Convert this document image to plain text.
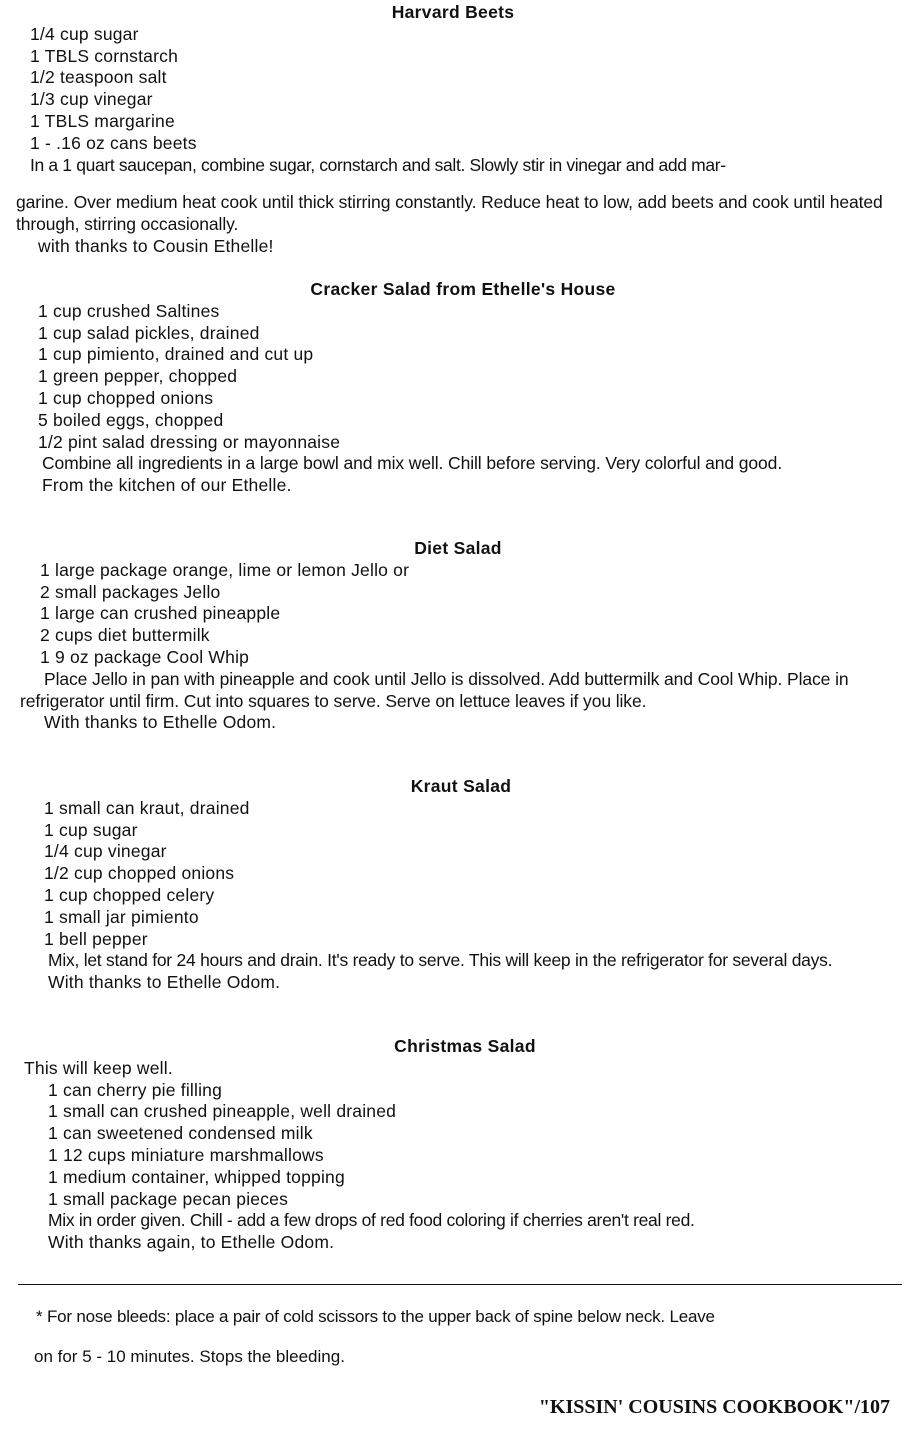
Harvard Beets
1/4 cup sugar
1 TBLS cornstarch
1/2 teaspoon salt
1/3 cup vinegar
1 TBLS margarine
1 - .16 oz cans beets
In a 1 quart saucepan, combine sugar, cornstarch and salt. Slowly stir in vinegar and add mar-
garine. Over medium heat cook until thick stirring constantly. Reduce heat to low, add beets and cook until heated through, stirring occasionally.
with thanks to Cousin Ethelle!
Cracker Salad from Ethelle's House
1 cup crushed Saltines
1 cup salad pickles, drained
1 cup pimiento, drained and cut up
1 green pepper, chopped
1 cup chopped onions
5 boiled eggs, chopped
1/2 pint salad dressing or mayonnaise
Combine all ingredients in a large bowl and mix well. Chill before serving. Very colorful and good.
From the kitchen of our Ethelle.
Diet Salad
1 large package orange, lime or lemon Jello or
2 small packages Jello
1 large can crushed pineapple
2 cups diet buttermilk
1 9 oz package Cool Whip
Place Jello in pan with pineapple and cook until Jello is dissolved. Add buttermilk and Cool Whip. Place in refrigerator until firm. Cut into squares to serve. Serve on lettuce leaves if you like.
With thanks to Ethelle Odom.
Kraut Salad
1 small can kraut, drained
1 cup sugar
1/4 cup vinegar
1/2 cup chopped onions
1 cup chopped celery
1 small jar pimiento
1 bell pepper
Mix, let stand for 24 hours and drain. It's ready to serve. This will keep in the refrigerator for several days.
With thanks to Ethelle Odom.
Christmas Salad
This will keep well.
1 can cherry pie filling
1 small can crushed pineapple, well drained
1 can sweetened condensed milk
1 12 cups miniature marshmallows
1 medium container, whipped topping
1 small package pecan pieces
Mix in order given. Chill - add a few drops of red food coloring if cherries aren't real red.
With thanks again, to Ethelle Odom.
* For nose bleeds: place a pair of cold scissors to the upper back of spine below neck. Leave
on for 5 - 10 minutes. Stops the bleeding.
"KISSIN' COUSINS COOKBOOK"/107
